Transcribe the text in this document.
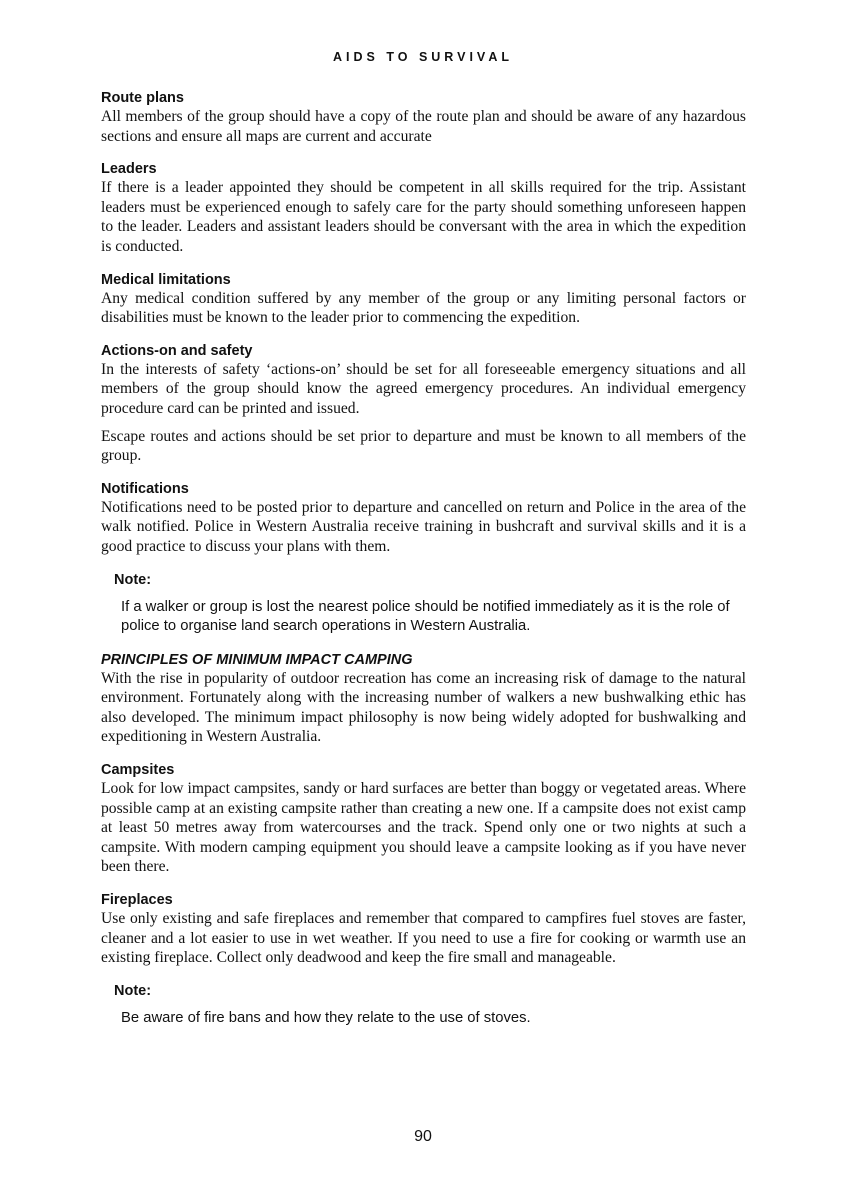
AIDS TO SURVIVAL
Route plans

All members of the group should have a copy of the route plan and should be aware of any hazardous sections and ensure all maps are current and accurate

Leaders

If there is a leader appointed they should be competent in all skills required for the trip. Assistant leaders must be experienced enough to safely care for the party should something unforeseen happen to the leader. Leaders and assistant leaders should be conversant with the area in which the expedition is conducted.

Medical limitations

Any medical condition suffered by any member of the group or any limiting personal factors or disabilities must be known to the leader prior to commencing the expedition.

Actions-on and safety

In the interests of safety ‘actions-on’ should be set for all foreseeable emergency situations and all members of the group should know the agreed emergency procedures. An individual emergency procedure card can be printed and issued.

Escape routes and actions should be set prior to departure and must be known to all members of the group.

Notifications

Notifications need to be posted prior to departure and cancelled on return and Police in the area of the walk notified. Police in Western Australia receive training in bushcraft and survival skills and it is a good practice to discuss your plans with them.

Note:
If a walker or group is lost the nearest police should be notified immediately as it is the role of police to organise land search operations in Western Australia.
PRINCIPLES OF MINIMUM IMPACT CAMPING

With the rise in popularity of outdoor recreation has come an increasing risk of damage to the natural environment. Fortunately along with the increasing number of walkers a new bushwalking ethic has also developed. The minimum impact philosophy is now being widely adopted for bushwalking and expeditioning in Western Australia.

Campsites

Look for low impact campsites, sandy or hard surfaces are better than boggy or vegetated areas. Where possible camp at an existing campsite rather than creating a new one. If a campsite does not exist camp at least 50 metres away from watercourses and the track. Spend only one or two nights at such a campsite. With modern camping equipment you should leave a campsite looking as if you have never been there.

Fireplaces

Use only existing and safe fireplaces and remember that compared to campfires fuel stoves are faster, cleaner and a lot easier to use in wet weather. If you need to use a fire for cooking or warmth use an existing fireplace. Collect only deadwood and keep the fire small and manageable.

Note:
Be aware of fire bans and how they relate to the use of stoves.
90
